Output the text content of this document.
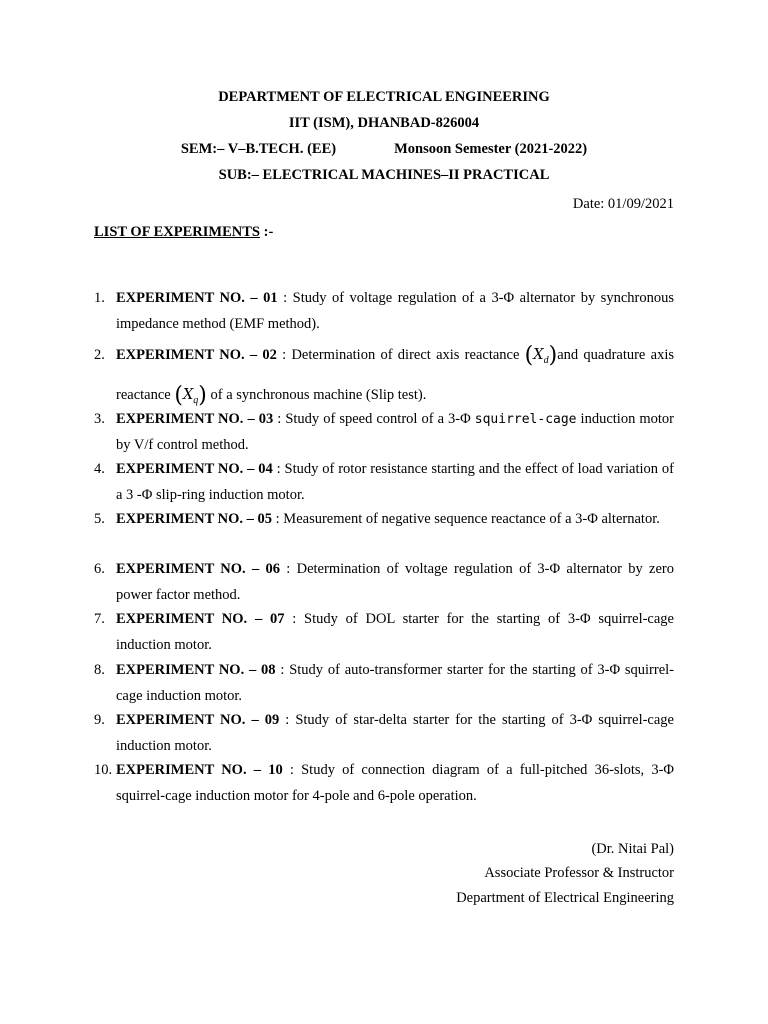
DEPARTMENT OF ELECTRICAL ENGINEERING
IIT (ISM), DHANBAD-826004
SEM:– V–B.TECH. (EE)	Monsoon Semester (2021-2022)
SUB:– ELECTRICAL MACHINES–II PRACTICAL
Date: 01/09/2021
LIST OF EXPERIMENTS :-
1. EXPERIMENT NO. – 01 : Study of voltage regulation of a 3-Φ alternator by synchronous impedance method (EMF method).
2. EXPERIMENT NO. – 02 : Determination of direct axis reactance $(X_d)and$ quadrature axis reactance $(X_q)$ of a synchronous machine (Slip test).
3. EXPERIMENT NO. – 03 : Study of speed control of a 3-Φ squirrel-cage induction motor by V/f control method.
4. EXPERIMENT NO. – 04 : Study of rotor resistance starting and the effect of load variation of a 3 -Φ slip-ring induction motor.
5. EXPERIMENT NO. – 05 : Measurement of negative sequence reactance of a 3-Φ alternator.
6. EXPERIMENT NO. – 06 : Determination of voltage regulation of 3-Φ alternator by zero power factor method.
7. EXPERIMENT NO. – 07 : Study of DOL starter for the starting of 3-Φ squirrel-cage induction motor.
8. EXPERIMENT NO. – 08 : Study of auto-transformer starter for the starting of 3-Φ squirrel-cage induction motor.
9. EXPERIMENT NO. – 09 : Study of star-delta starter for the starting of 3-Φ squirrel-cage induction motor.
10. EXPERIMENT NO. – 10 : Study of connection diagram of a full-pitched 36-slots, 3-Φ squirrel-cage induction motor for 4-pole and 6-pole operation.
(Dr. Nitai Pal)
Associate Professor & Instructor
Department of Electrical Engineering
